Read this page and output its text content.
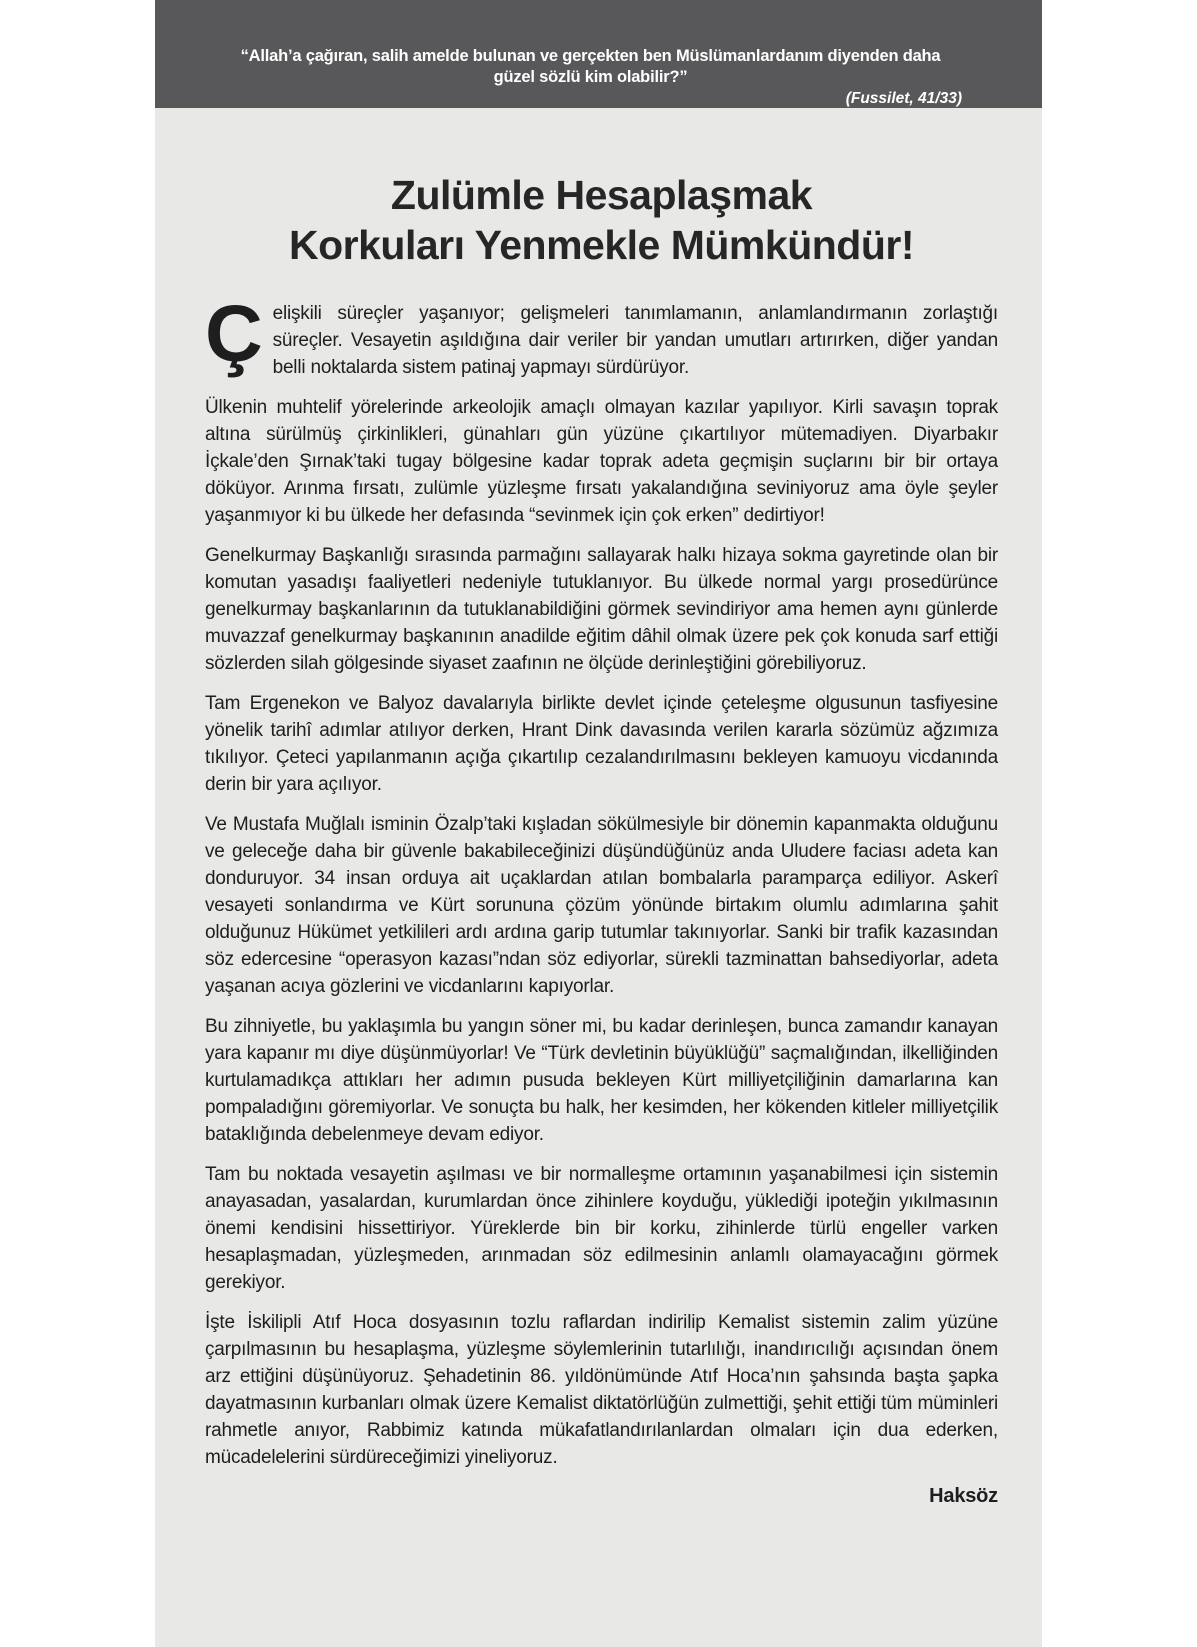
“Allah’a çağıran, salih amelde bulunan ve gerçekten ben Müslümanlardanım diyenden daha güzel sözlü kim olabilir?”

(Fussilet, 41/33)

Zulümle Hesaplaşmak
Korkuları Yenmekle Mümkündür!

Ç elişkili süreçler yaşanıyor; gelişmeleri tanımlamanın, anlamlandırmanın zorlaştığı süreçler. Vesayetin aşıldığına dair veriler bir yandan umutları artırırken, diğer yandan belli noktalarda sistem patinaj yapmayı sürdürüyor.

Ülkenin muhtelif yörelerinde arkeolojik amaçlı olmayan kazılar yapılıyor. Kirli savaşın toprak altına sürülmüş çirkinlikleri, günahları gün yüzüne çıkartılıyor mütemadiyen. Diyarbakır İçkale’den Şırnak’taki tugay bölgesine kadar toprak adeta geçmişin suçlarını bir bir ortaya döküyor. Arınma fırsatı, zulümle yüzleşme fırsatı yakalandığına seviniyoruz ama öyle şeyler yaşanmıyor ki bu ülkede her defasında “sevinmek için çok erken” dedirtiyor!

Genelkurmay Başkanlığı sırasında parmağını sallayarak halkı hizaya sokma gayretinde olan bir komutan yasadışı faaliyetleri nedeniyle tutuklanıyor. Bu ülkede normal yargı prosedürünce genelkurmay başkanlarının da tutuklanabildiğini görmek sevindiriyor ama hemen aynı günlerde muvazzaf genelkurmay başkanının anadilde eğitim dâhil olmak üzere pek çok konuda sarf ettiği sözlerden silah gölgesinde siyaset zaafının ne ölçüde derinleştiğini görebiliyoruz.

Tam Ergenekon ve Balyoz davalarıyla birlikte devlet içinde çeteleşme olgusunun tasfiyesine yönelik tarihî adımlar atılıyor derken, Hrant Dink davasında verilen kararla sözümüz ağzımıza tıkılıyor. Çeteci yapılanmanın açığa çıkartılıp cezalandırılmasını bekleyen kamuoyu vicdanında derin bir yara açılıyor.

Ve Mustafa Muğlalı isminin Özalp’taki kışladan sökülmesiyle bir dönemin kapanmakta olduğunu ve geleceğe daha bir güvenle bakabileceğinizi düşündüğünüz anda Uludere faciası adeta kan donduruyor. 34 insan orduya ait uçaklardan atılan bombalarla paramparça ediliyor. Askerî vesayeti sonlandırma ve Kürt sorununa çözüm yönünde birtakım olumlu adımlarına şahit olduğunuz Hükümet yetkilileri ardı ardına garip tutumlar takınıyorlar. Sanki bir trafik kazasından söz edercesine “operasyon kazası”ndan söz ediyorlar, sürekli tazminattan bahsediyorlar, adeta yaşanan acıya gözlerini ve vicdanlarını kapıyorlar.

Bu zihniyetle, bu yaklaşımla bu yangın söner mi, bu kadar derinleşen, bunca zamandır kanayan yara kapanır mı diye düşünmüyorlar! Ve “Türk devletinin büyüklüğü” saçmalığından, ilkelliğinden kurtulamadıkça attıkları her adımın pusuda bekleyen Kürt milliyetçiliğinin damarlarına kan pompaladığını göremiyorlar. Ve sonuçta bu halk, her kesimden, her kökenden kitleler milliyetçilik bataklığında debelenmeye devam ediyor.

Tam bu noktada vesayetin aşılması ve bir normalleşme ortamının yaşanabilmesi için sistemin anayasadan, yasalardan, kurumlardan önce zihinlere koyduğu, yüklediği ipoteğin yıkılmasının önemi kendisini hissettiriyor. Yüreklerde bin bir korku, zihinlerde türlü engeller varken hesaplaşmadan, yüzleşmeden, arınmadan söz edilmesinin anlamlı olamayacağını görmek gerekiyor.

İşte İskilipli Atıf Hoca dosyasının tozlu raflardan indirilip Kemalist sistemin zalim yüzüne çarpılmasının bu hesaplaşma, yüzleşme söylemlerinin tutarlılığı, inandırıcılığı açısından önem arz ettiğini düşünüyoruz. Şehadetinin 86. yıldönümünde Atıf Hoca’nın şahsında başta şapka dayatmasının kurbanları olmak üzere Kemalist diktatörlüğün zulmettiği, şehit ettiği tüm müminleri rahmetle anıyor, Rabbimiz katında mükafatlandırılanlardan olmaları için dua ederken, mücadelelerini sürdüreceğimizi yineliyoruz.

Haksöz
